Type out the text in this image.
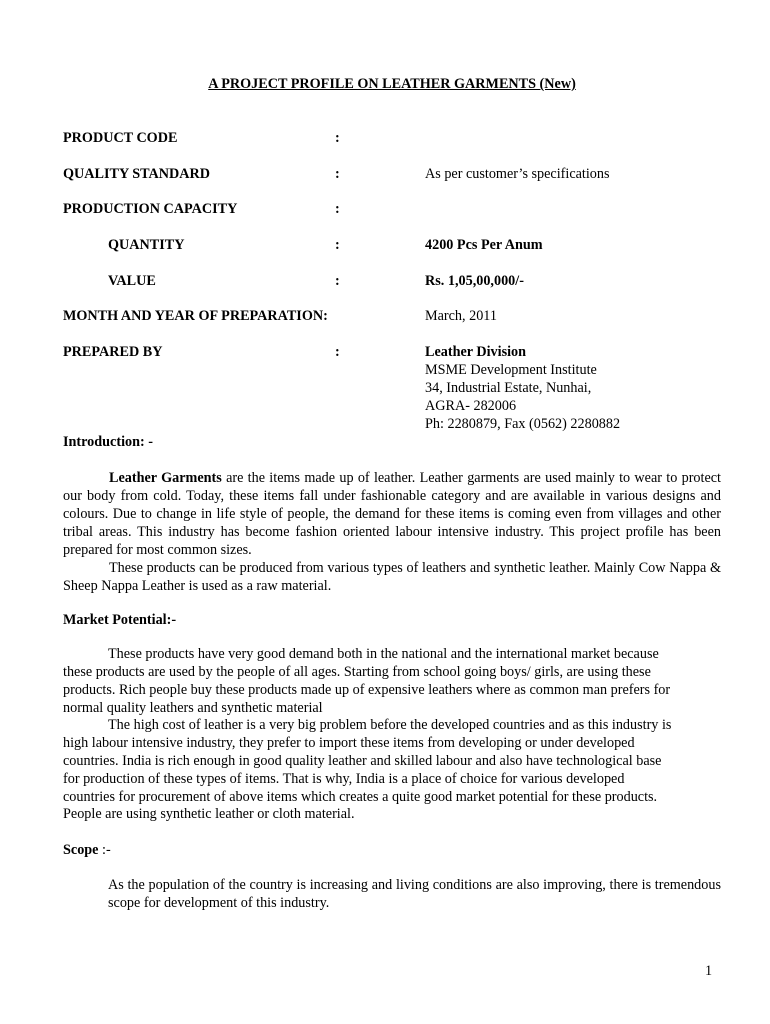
A PROJECT PROFILE ON LEATHER GARMENTS (New)
PRODUCT CODE	:
QUALITY STANDARD	:	As per customer’s specifications
PRODUCTION CAPACITY	:
QUANTITY	:	4200 Pcs Per Anum
VALUE	:	Rs. 1,05,00,000/-
MONTH AND YEAR OF PREPARATION:	March, 2011
PREPARED BY	:	Leather Division
MSME Development Institute
34, Industrial Estate, Nunhai,
AGRA- 282006
Ph: 2280879, Fax (0562) 2280882
Introduction: -

Leather Garments are the items made up of leather. Leather garments are used mainly to wear to protect our body from cold. Today, these items fall under fashionable category and are available in various designs and colours. Due to change in life style of people, the demand for these items is coming even from villages and other tribal areas. This industry has become fashion oriented labour intensive industry. This project profile has been prepared for most common sizes.

These products can be produced from various types of leathers and synthetic leather. Mainly Cow Nappa & Sheep Nappa Leather is used as a raw material.

Market Potential:-
These products have very good demand both in the national and the international market because
these products are used by the people of all ages. Starting from school going boys/ girls, are using these
products. Rich people buy these products made up of expensive leathers where as common man prefers for
normal quality leathers and synthetic material
The high cost of leather is a very big problem before the developed countries and as this industry is
high labour intensive industry, they prefer to import these items from developing or under developed
countries. India is rich enough in good quality leather and skilled labour and also have technological base
for production of these types of items. That is why, India is a place of choice for various developed
countries for procurement of above items which creates a quite good market potential for these products.
People are using synthetic leather or cloth material.
Scope :-
As the population of the country is increasing and living conditions are also improving, there is tremendous scope for development of this industry.
1
